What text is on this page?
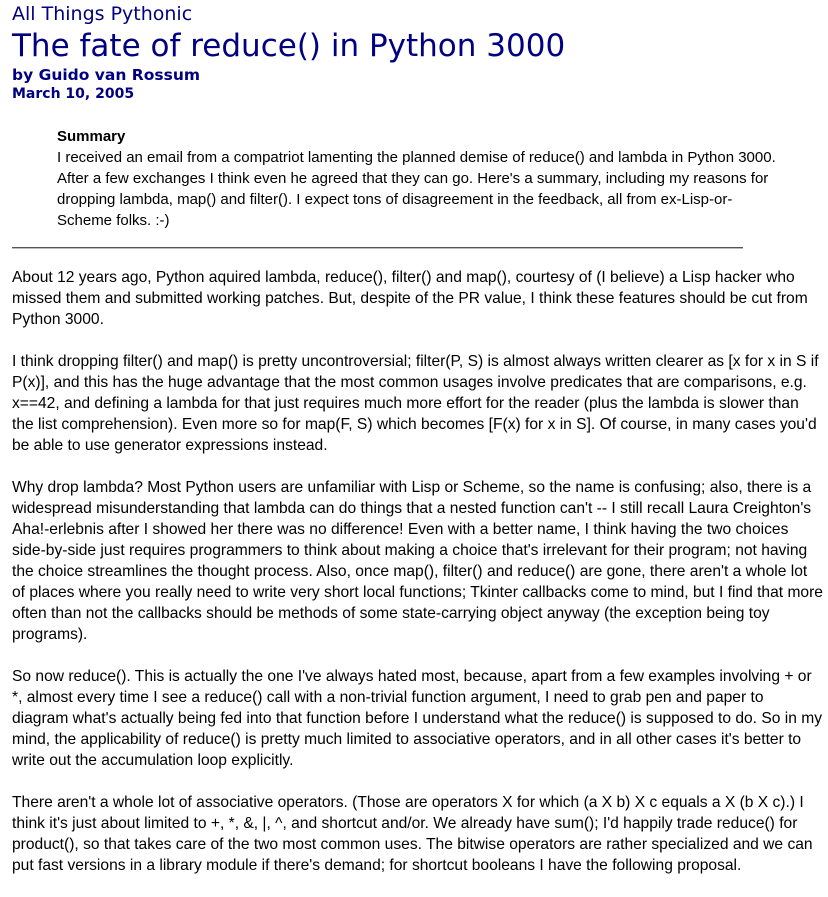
All Things Pythonic
The fate of reduce() in Python 3000
by Guido van Rossum
March 10, 2005
Summary
I received an email from a compatriot lamenting the planned demise of reduce() and lambda in Python 3000. After a few exchanges I think even he agreed that they can go. Here's a summary, including my reasons for dropping lambda, map() and filter(). I expect tons of disagreement in the feedback, all from ex-Lisp-or-Scheme folks. :-)

About 12 years ago, Python aquired lambda, reduce(), filter() and map(), courtesy of (I believe) a Lisp hacker who missed them and submitted working patches. But, despite of the PR value, I think these features should be cut from Python 3000.

I think dropping filter() and map() is pretty uncontroversial; filter(P, S) is almost always written clearer as [x for x in S if P(x)], and this has the huge advantage that the most common usages involve predicates that are comparisons, e.g. x==42, and defining a lambda for that just requires much more effort for the reader (plus the lambda is slower than the list comprehension). Even more so for map(F, S) which becomes [F(x) for x in S]. Of course, in many cases you'd be able to use generator expressions instead.

Why drop lambda? Most Python users are unfamiliar with Lisp or Scheme, so the name is confusing; also, there is a widespread misunderstanding that lambda can do things that a nested function can't -- I still recall Laura Creighton's Aha!-erlebnis after I showed her there was no difference! Even with a better name, I think having the two choices side-by-side just requires programmers to think about making a choice that's irrelevant for their program; not having the choice streamlines the thought process. Also, once map(), filter() and reduce() are gone, there aren't a whole lot of places where you really need to write very short local functions; Tkinter callbacks come to mind, but I find that more often than not the callbacks should be methods of some state-carrying object anyway (the exception being toy programs).

So now reduce(). This is actually the one I've always hated most, because, apart from a few examples involving + or *, almost every time I see a reduce() call with a non-trivial function argument, I need to grab pen and paper to diagram what's actually being fed into that function before I understand what the reduce() is supposed to do. So in my mind, the applicability of reduce() is pretty much limited to associative operators, and in all other cases it's better to write out the accumulation loop explicitly.

There aren't a whole lot of associative operators. (Those are operators X for which (a X b) X c equals a X (b X c).) I think it's just about limited to +, *, &, |, ^, and shortcut and/or. We already have sum(); I'd happily trade reduce() for product(), so that takes care of the two most common uses. The bitwise operators are rather specialized and we can put fast versions in a library module if there's demand; for shortcut booleans I have the following proposal.
